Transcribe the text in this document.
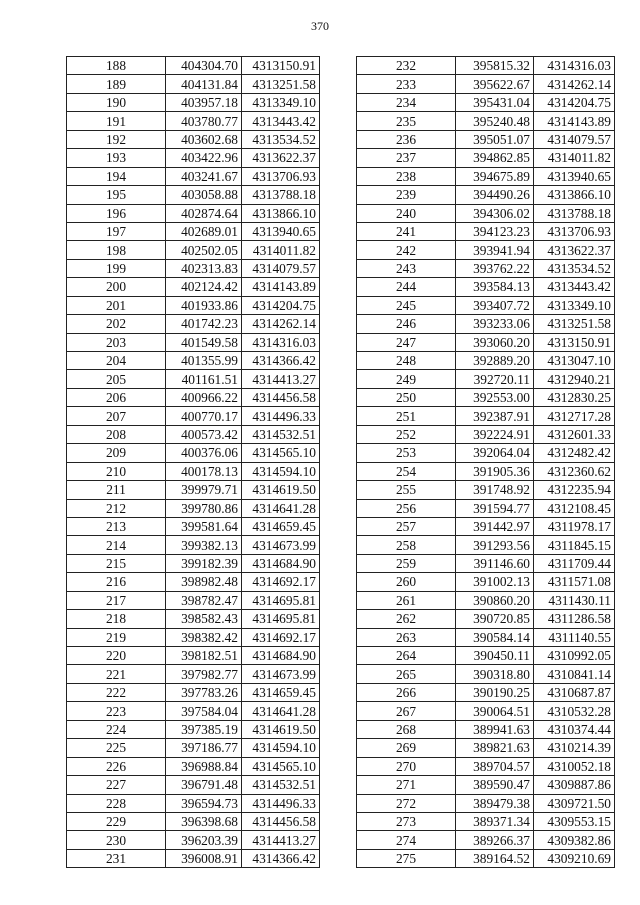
370
188	404304.70	4313150.91
189	404131.84	4313251.58
190	403957.18	4313349.10
191	403780.77	4313443.42
192	403602.68	4313534.52
193	403422.96	4313622.37
194	403241.67	4313706.93
195	403058.88	4313788.18
196	402874.64	4313866.10
197	402689.01	4313940.65
198	402502.05	4314011.82
199	402313.83	4314079.57
200	402124.42	4314143.89
201	401933.86	4314204.75
202	401742.23	4314262.14
203	401549.58	4314316.03
204	401355.99	4314366.42
205	401161.51	4314413.27
206	400966.22	4314456.58
207	400770.17	4314496.33
208	400573.42	4314532.51
209	400376.06	4314565.10
210	400178.13	4314594.10
211	399979.71	4314619.50
212	399780.86	4314641.28
213	399581.64	4314659.45
214	399382.13	4314673.99
215	399182.39	4314684.90
216	398982.48	4314692.17
217	398782.47	4314695.81
218	398582.43	4314695.81
219	398382.42	4314692.17
220	398182.51	4314684.90
221	397982.77	4314673.99
222	397783.26	4314659.45
223	397584.04	4314641.28
224	397385.19	4314619.50
225	397186.77	4314594.10
226	396988.84	4314565.10
227	396791.48	4314532.51
228	396594.73	4314496.33
229	396398.68	4314456.58
230	396203.39	4314413.27
231	396008.91	4314366.42
232	395815.32	4314316.03
233	395622.67	4314262.14
234	395431.04	4314204.75
235	395240.48	4314143.89
236	395051.07	4314079.57
237	394862.85	4314011.82
238	394675.89	4313940.65
239	394490.26	4313866.10
240	394306.02	4313788.18
241	394123.23	4313706.93
242	393941.94	4313622.37
243	393762.22	4313534.52
244	393584.13	4313443.42
245	393407.72	4313349.10
246	393233.06	4313251.58
247	393060.20	4313150.91
248	392889.20	4313047.10
249	392720.11	4312940.21
250	392553.00	4312830.25
251	392387.91	4312717.28
252	392224.91	4312601.33
253	392064.04	4312482.42
254	391905.36	4312360.62
255	391748.92	4312235.94
256	391594.77	4312108.45
257	391442.97	4311978.17
258	391293.56	4311845.15
259	391146.60	4311709.44
260	391002.13	4311571.08
261	390860.20	4311430.11
262	390720.85	4311286.58
263	390584.14	4311140.55
264	390450.11	4310992.05
265	390318.80	4310841.14
266	390190.25	4310687.87
267	390064.51	4310532.28
268	389941.63	4310374.44
269	389821.63	4310214.39
270	389704.57	4310052.18
271	389590.47	4309887.86
272	389479.38	4309721.50
273	389371.34	4309553.15
274	389266.37	4309382.86
275	389164.52	4309210.69
